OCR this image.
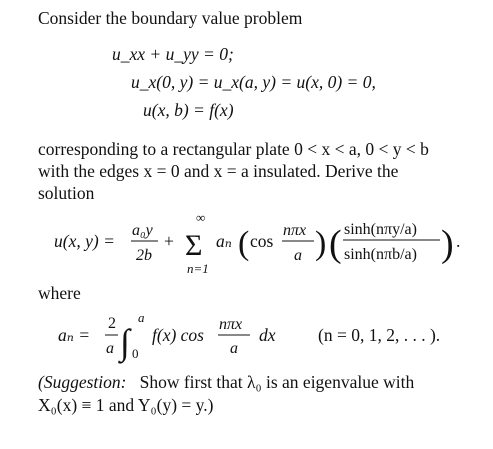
Consider the boundary value problem
u_xx + u_yy = 0;
u_x(0, y) = u_x(a, y) = u(x, 0) = 0,
u(x, b) = f(x)
corresponding to a rectangular plate 0 < x < a, 0 < y < b
with the edges x = 0 and x = a insulated. Derive the
solution
u(x, y) =
a₀y
2b
+
∞
Σ
n=1
aₙ ( cos
nπx
a ) ( sinh(nπy/a)
sinh(nπb/a) ) .
where
aₙ =
2
a ∫
a
0
f(x) cos
nπx
a
dx (n = 0, 1, 2, . . . ).
(Suggestion: Show first that λ₀ is an eigenvalue with
X₀(x) ≡ 1 and Y₀(y) = y.)
